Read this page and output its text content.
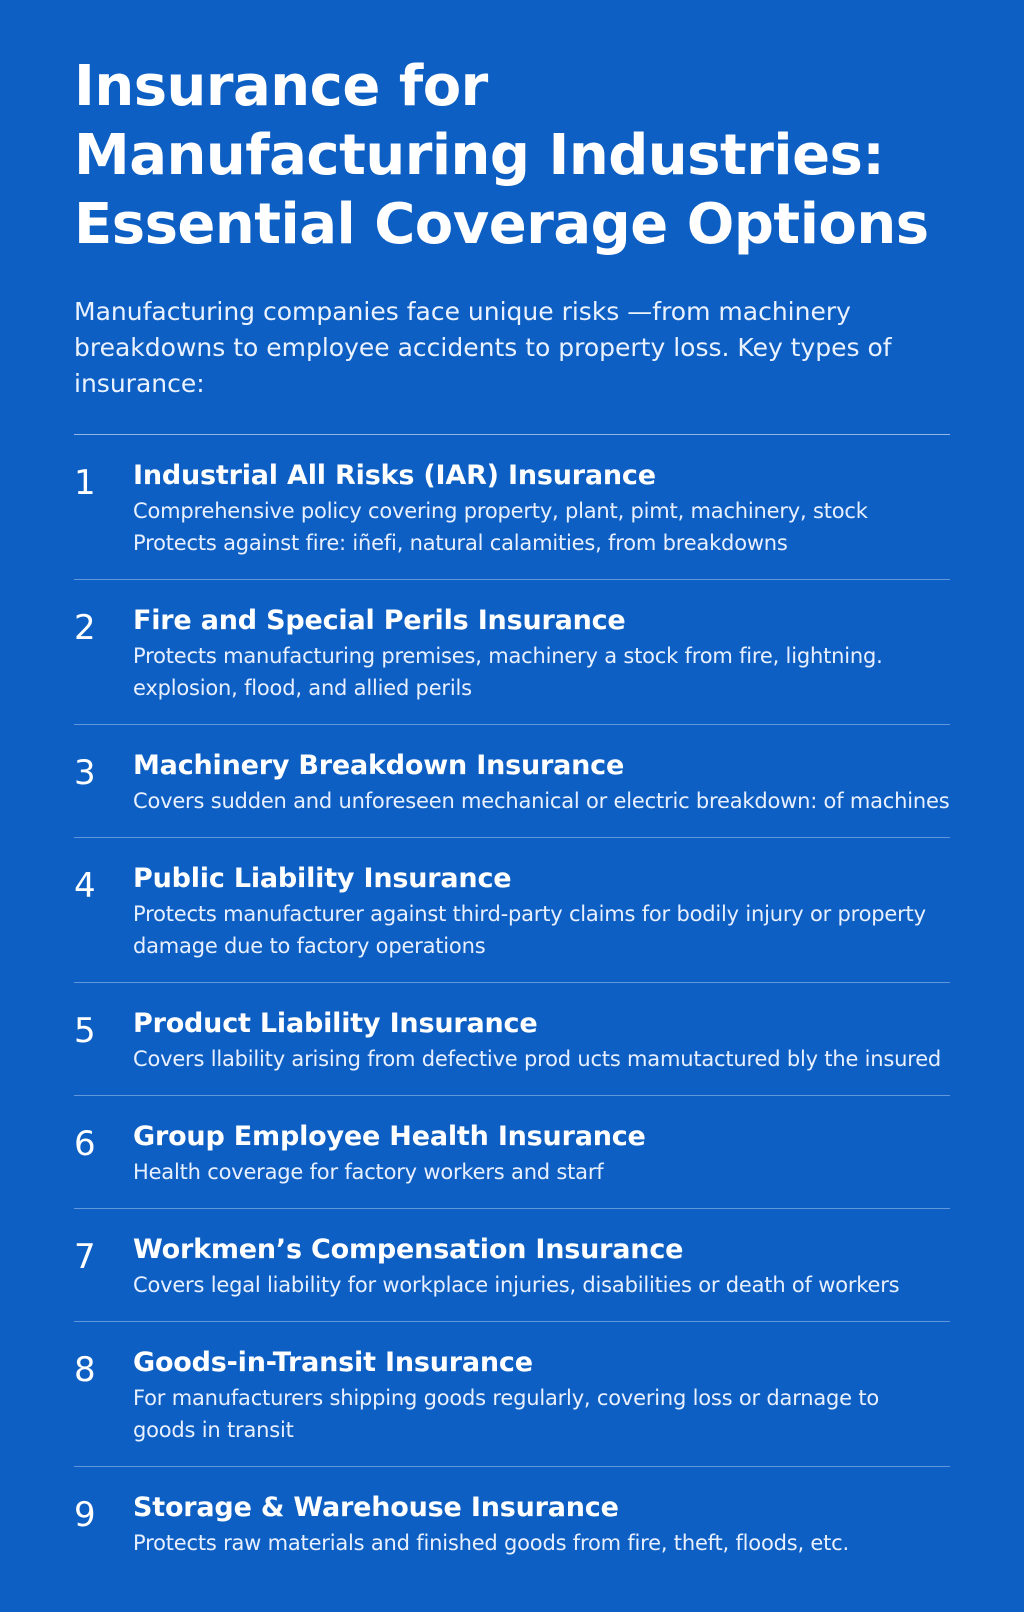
Insurance for Manufacturing Industries: Essential Coverage Options

Manufacturing companies face unique risks —from machinery breakdowns to employee accidents to property loss. Key types of insurance:

1 Industrial All Risks (IAR) Insurance
Comprehensive policy covering property, plant, pimt, machinery, stock
Protects against fire: iñefi, natural calamities, from breakdowns
2 Fire and Special Perils Insurance
Protects manufacturing premises, machinery a stock from fire, lightning.
explosion, flood, and allied perils
3 Machinery Breakdown Insurance
Covers sudden and unforeseen mechanical or electric breakdown: of machines
4 Public Liability Insurance
Protects manufacturer against third-party claims for bodily injury or property
damage due to factory operations
5 Product Liability Insurance
Covers llability arising from defective prod ucts mamutactured bly the insured
6 Group Employee Health Insurance
Health coverage for factory workers and starf
7 Workmen’s Compensation Insurance
Covers legal liability for workplace injuries, disabilities or death of workers
8 Goods-in-Transit Insurance
For manufacturers shipping goods regularly, covering loss or darnage to
goods in transit
9 Storage & Warehouse Insurance
Protects raw materials and finished goods from fire, theft, floods, etc.
